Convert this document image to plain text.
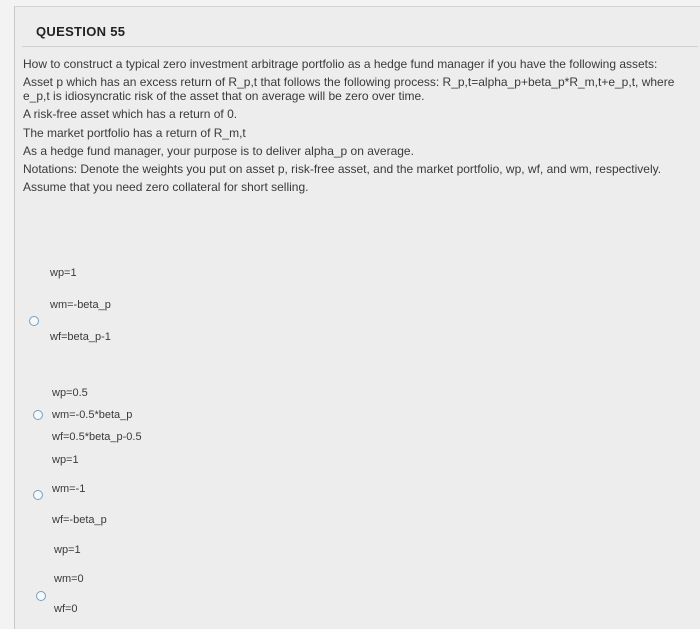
QUESTION 55

How to construct a typical zero investment arbitrage portfolio as a hedge fund manager if you have the following assets:

Asset p which has an excess return of R_p,t that follows the following process: R_p,t=alpha_p+beta_p*R_m,t+e_p,t, where e_p,t is idiosyncratic risk of the asset that on average will be zero over time.

A risk-free asset which has a return of 0.

The market portfolio has a return of R_m,t

As a hedge fund manager, your purpose is to deliver alpha_p on average.

Notations: Denote the weights you put on asset p, risk-free asset, and the market portfolio, wp, wf, and wm, respectively.

Assume that you need zero collateral for short selling.

wp=1
wm=-beta_p
wf=beta_p-1
wp=0.5
wm=-0.5*beta_p
wf=0.5*beta_p-0.5
wp=1
wm=-1
wf=-beta_p
wp=1
wm=0
wf=0
